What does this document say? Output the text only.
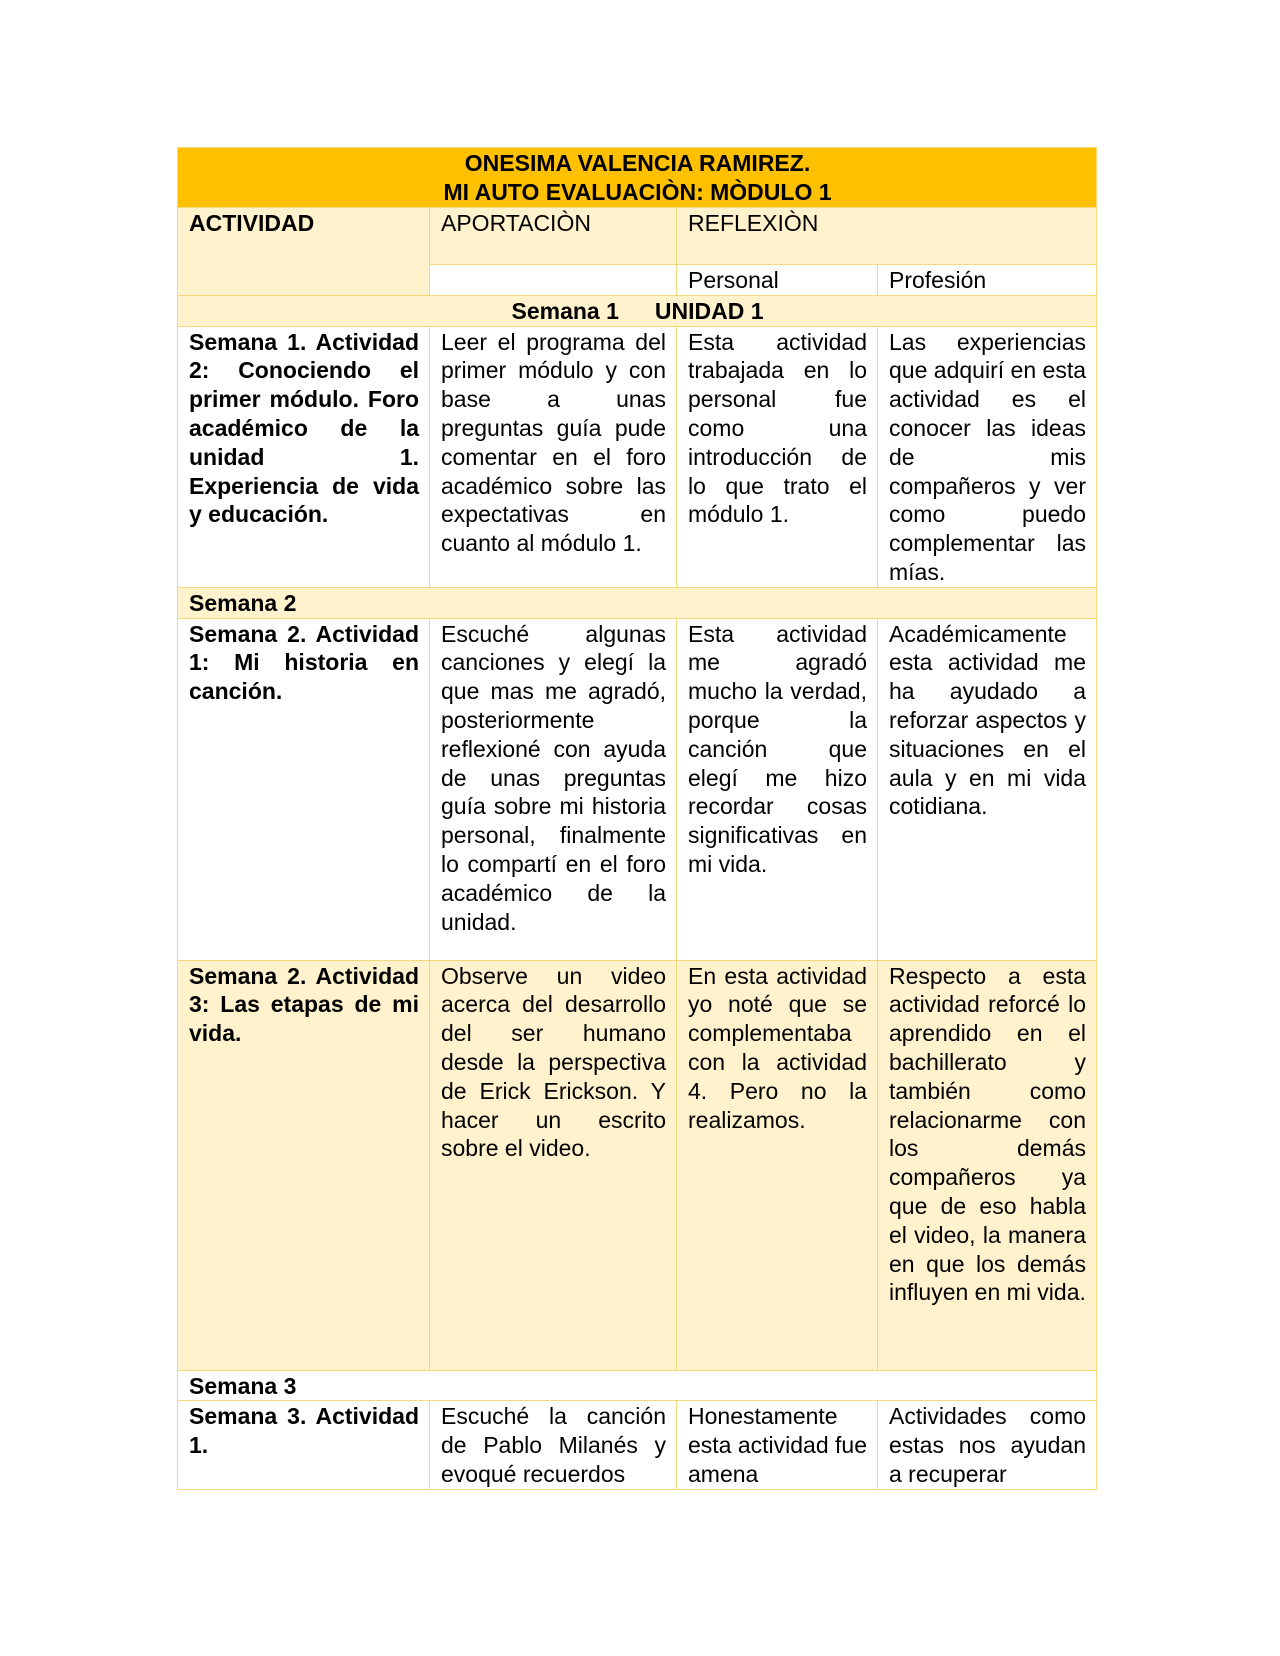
ONESIMA VALENCIA RAMIREZ.
MI AUTO EVALUACIÒN: MÒDULO 1			

ACTIVIDAD	APORTACIÒN	REFLEXIÒN	
		Personal	Profesión
Semana 1 UNIDAD 1			
Semana 1. Actividad 2: Conociendo el primer módulo. Foro académico de la unidad 1. Experiencia de vida y educación.	Leer el programa del primer módulo y con base a unas preguntas guía pude comentar en el foro académico sobre las expectativas en cuanto al módulo 1.	Esta actividad trabajada en lo personal fue como una introducción de lo que trato el módulo 1.	Las experiencias que adquirí en esta actividad es el conocer las ideas de mis compañeros y ver como puedo complementar las mías.
Semana 2			
Semana 2. Actividad 1: Mi historia en canción.	Escuché algunas canciones y elegí la que mas me agradó, posteriormente reflexioné con ayuda de unas preguntas guía sobre mi historia personal, finalmente lo compartí en el foro académico de la unidad.	Esta actividad me agradó mucho la verdad, porque la canción que elegí me hizo recordar cosas significativas en mi vida.	Académicamente esta actividad me ha ayudado a reforzar aspectos y situaciones en el aula y en mi vida cotidiana.
Semana 2. Actividad 3: Las etapas de mi vida.	Observe un video acerca del desarrollo del ser humano desde la perspectiva de Erick Erickson. Y hacer un escrito sobre el video.	En esta actividad yo noté que se complementaba con la actividad 4. Pero no la realizamos.	Respecto a esta actividad reforcé lo aprendido en el bachillerato y también como relacionarme con los demás compañeros ya que de eso habla el video, la manera en que los demás influyen en mi vida.
Semana 3			
Semana 3. Actividad 1.	Escuché la canción de Pablo Milanés y evoqué recuerdos	Honestamente esta actividad fue amena	Actividades como estas nos ayudan a recuperar
